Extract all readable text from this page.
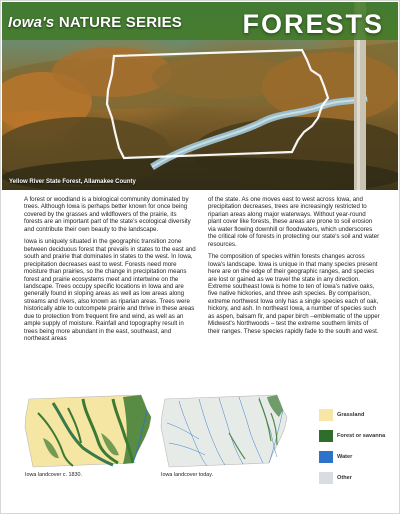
Iowa's NATURE SERIES FORESTS
Yellow River State Forest, Allamakee County

A forest or woodland is a biological community dominated by trees. Although Iowa is perhaps better known for once being covered by the grasses and wildflowers of the prairie, its forests are an important part of the state's ecological diversity and contribute their own beauty to the landscape.

Iowa is uniquely situated in the geographic transition zone between deciduous forest that prevails in states to the east and south and prairie that dominates in states to the west. In Iowa, precipitation decreases east to west. Forests need more moisture than prairies, so the change in precipitation means forest and prairie ecosystems meet and intertwine on the landscape. Trees occupy specific locations in Iowa and are generally found in sloping areas as well as low areas along streams and rivers, also known as riparian areas. Trees were historically able to outcompete prairie and thrive in these areas due to protection from frequent fire and wind, as well as an ample supply of moisture. Rainfall and topography result in trees being more abundant in the east, southeast, and northeast areas

of the state. As one moves east to west across Iowa, and precipitation decreases, trees are increasingly restricted to riparian areas along major waterways. Without year-round plant cover like forests, these areas are prone to soil erosion via water flowing downhill or floodwaters, which underscores the critical role of forests in protecting our state's soil and water resources.

The composition of species within forests changes across Iowa's landscape. Iowa is unique in that many species present here are on the edge of their geographic ranges, and species are lost or gained as we travel the state in any direction. Extreme southeast Iowa is home to ten of Iowa's native oaks, five native hickories, and three ash species. By comparison, extreme northwest Iowa only has a single species each of oak, hickory, and ash. In northeast Iowa, a number of species such as aspen, balsam fir, and paper birch –emblematic of the upper Midwest's Northwoods – test the extreme southern limits of their ranges. These species rapidly fade to the south and west.

Iowa landcover c. 1830.	Iowa landcover today.
Grassland
Forest or savanna
Water
Other
